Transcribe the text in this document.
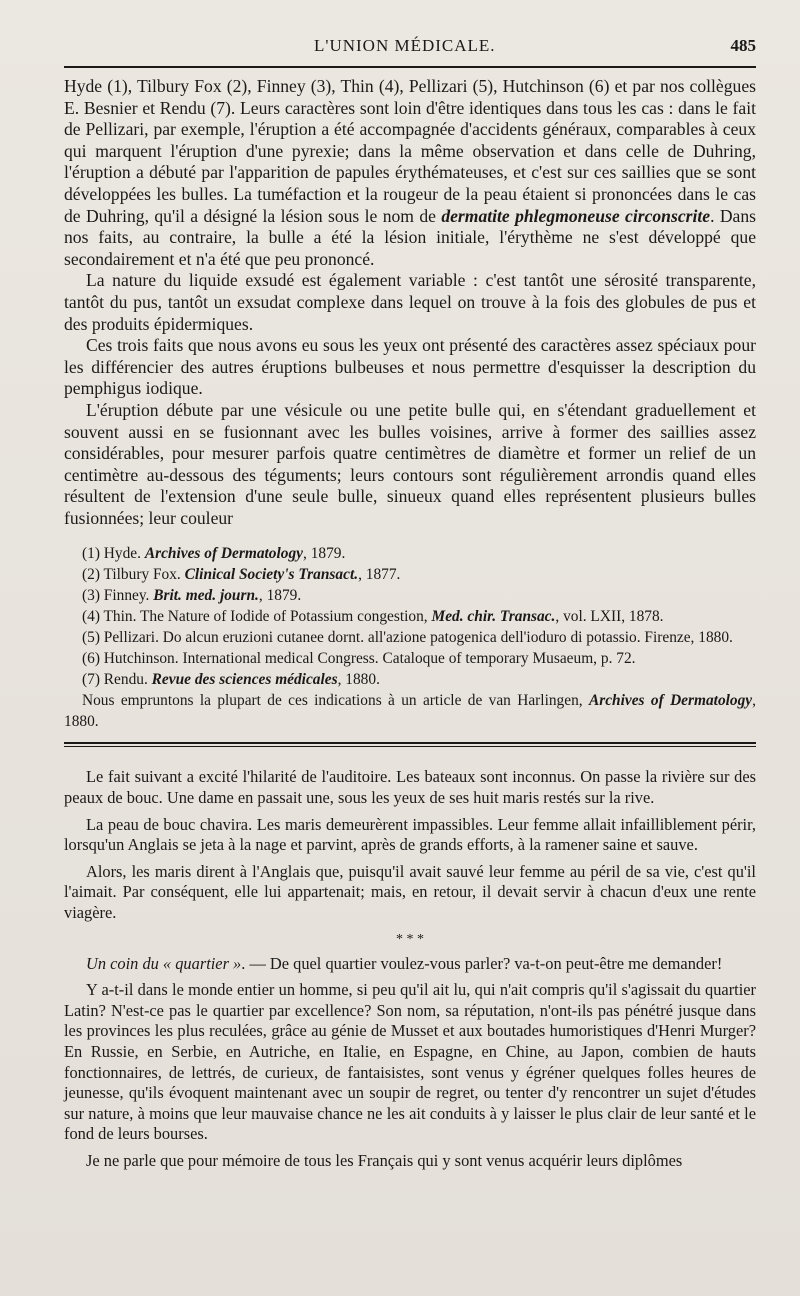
L'UNION MÉDICALE.	485

Hyde (1), Tilbury Fox (2), Finney (3), Thin (4), Pellizari (5), Hutchinson (6) et par nos collègues E. Besnier et Rendu (7). Leurs caractères sont loin d'être identiques dans tous les cas : dans le fait de Pellizari, par exemple, l'éruption a été accompagnée d'accidents généraux, comparables à ceux qui marquent l'éruption d'une pyrexie; dans la même observation et dans celle de Duhring, l'éruption a débuté par l'apparition de papules érythémateuses, et c'est sur ces saillies que se sont développées les bulles. La tuméfaction et la rougeur de la peau étaient si prononcées dans le cas de Duhring, qu'il a désigné la lésion sous le nom de dermatite phlegmoneuse circonscrite. Dans nos faits, au contraire, la bulle a été la lésion initiale, l'érythème ne s'est développé que secondairement et n'a été que peu prononcé.

La nature du liquide exsudé est également variable : c'est tantôt une sérosité transparente, tantôt du pus, tantôt un exsudat complexe dans lequel on trouve à la fois des globules de pus et des produits épidermiques.

Ces trois faits que nous avons eu sous les yeux ont présenté des caractères assez spéciaux pour les différencier des autres éruptions bulbeuses et nous permettre d'esquisser la description du pemphigus iodique.

L'éruption débute par une vésicule ou une petite bulle qui, en s'étendant graduellement et souvent aussi en se fusionnant avec les bulles voisines, arrive à former des saillies assez considérables, pour mesurer parfois quatre centimètres de diamètre et former un relief de un centimètre au-dessous des téguments; leurs contours sont régulièrement arrondis quand elles résultent de l'extension d'une seule bulle, sinueux quand elles représentent plusieurs bulles fusionnées; leur couleur

(1) Hyde. Archives of Dermatology, 1879.

(2) Tilbury Fox. Clinical Society's Transact., 1877.

(3) Finney. Brit. med. journ., 1879.

(4) Thin. The Nature of Iodide of Potassium congestion, Med. chir. Transac., vol. LXII, 1878.

(5) Pellizari. Do alcun eruzioni cutanee dornt. all'azione patogenica dell'ioduro di potassio. Firenze, 1880.

(6) Hutchinson. International medical Congress. Cataloque of temporary Musaeum, p. 72.

(7) Rendu. Revue des sciences médicales, 1880.

Nous empruntons la plupart de ces indications à un article de van Harlingen, Archives of Dermatology, 1880.

Le fait suivant a excité l'hilarité de l'auditoire. Les bateaux sont inconnus. On passe la rivière sur des peaux de bouc. Une dame en passait une, sous les yeux de ses huit maris restés sur la rive.

La peau de bouc chavira. Les maris demeurèrent impassibles. Leur femme allait infailliblement périr, lorsqu'un Anglais se jeta à la nage et parvint, après de grands efforts, à la ramener saine et sauve.

Alors, les maris dirent à l'Anglais que, puisqu'il avait sauvé leur femme au péril de sa vie, c'est qu'il l'aimait. Par conséquent, elle lui appartenait; mais, en retour, il devait servir à chacun d'eux une rente viagère.

* * *

Un coin du « quartier ». — De quel quartier voulez-vous parler? va-t-on peut-être me demander!

Y a-t-il dans le monde entier un homme, si peu qu'il ait lu, qui n'ait compris qu'il s'agissait du quartier Latin? N'est-ce pas le quartier par excellence? Son nom, sa réputation, n'ont-ils pas pénétré jusque dans les provinces les plus reculées, grâce au génie de Musset et aux boutades humoristiques d'Henri Murger? En Russie, en Serbie, en Autriche, en Italie, en Espagne, en Chine, au Japon, combien de hauts fonctionnaires, de lettrés, de curieux, de fantaisistes, sont venus y égréner quelques folles heures de jeunesse, qu'ils évoquent maintenant avec un soupir de regret, ou tenter d'y rencontrer un sujet d'études sur nature, à moins que leur mauvaise chance ne les ait conduits à y laisser le plus clair de leur santé et le fond de leurs bourses.

Je ne parle que pour mémoire de tous les Français qui y sont venus acquérir leurs diplômes
